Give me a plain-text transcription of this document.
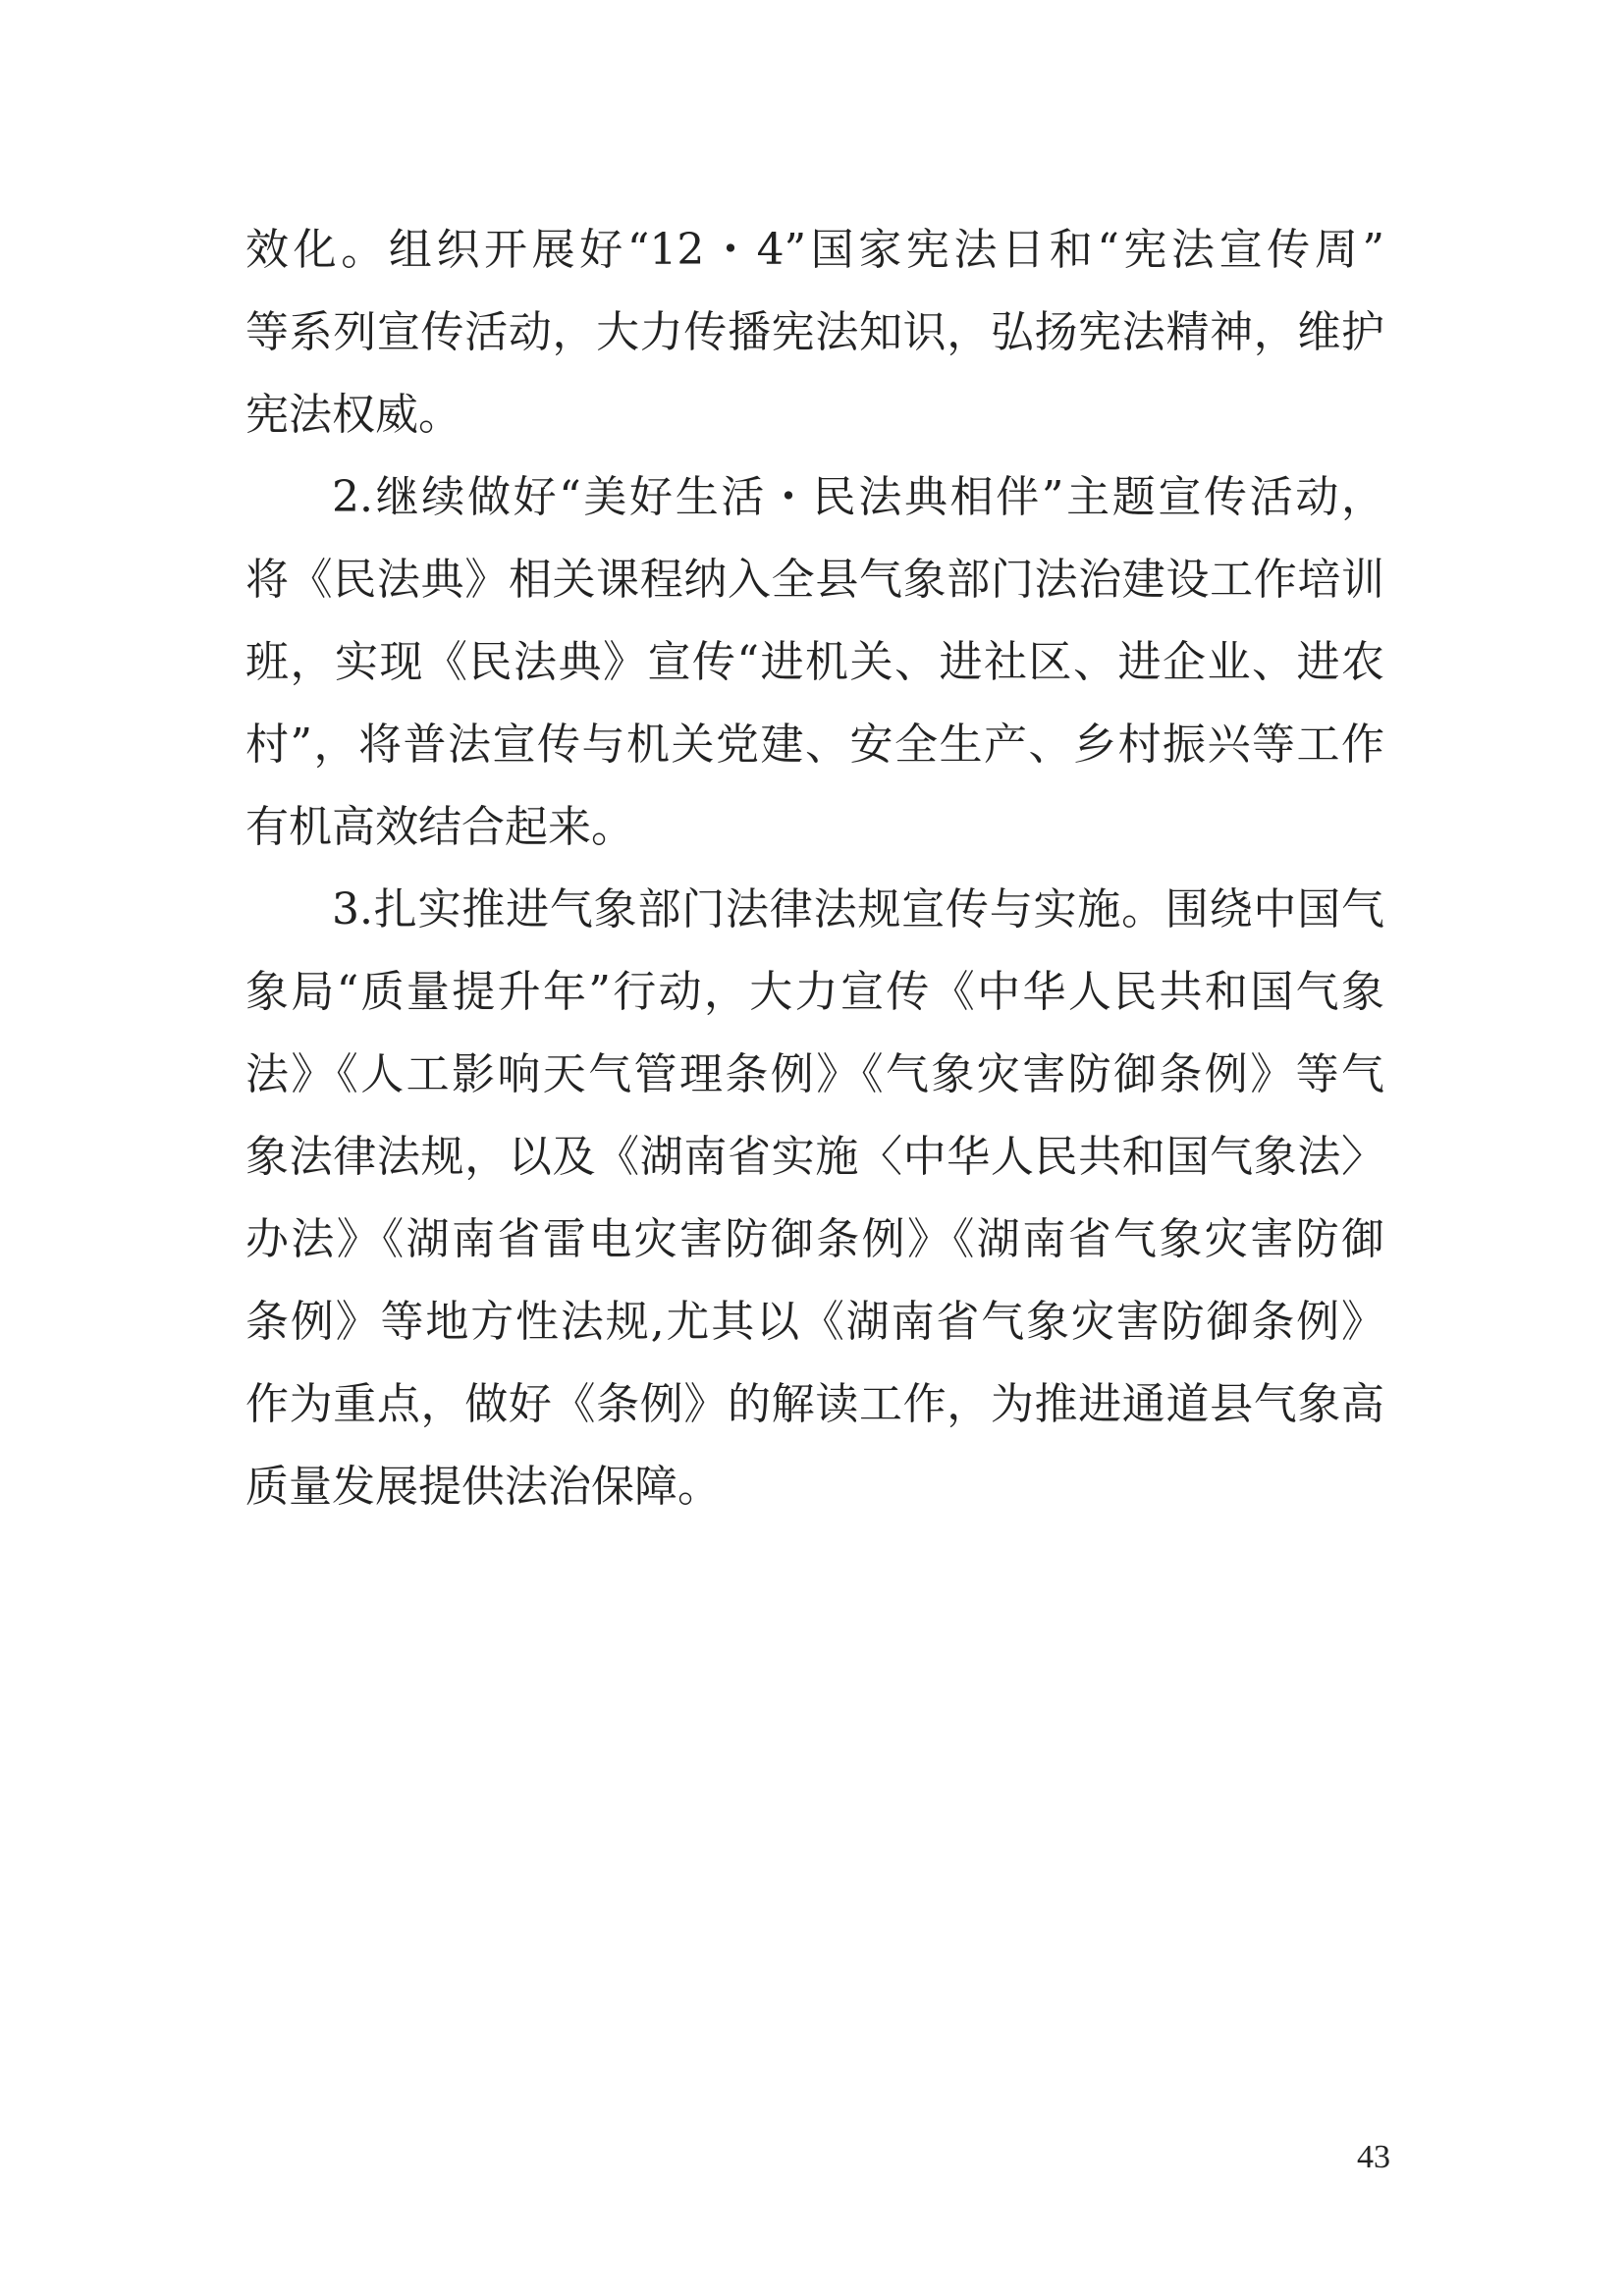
效化。组织开展好“12・4”国家宪法日和“宪法宣传周”
等系列宣传活动，大力传播宪法知识，弘扬宪法精神，维护
宪法权威。
2.继续做好“美好生活・民法典相伴”主题宣传活动，
将《民法典》相关课程纳入全县气象部门法治建设工作培训
班，实现《民法典》宣传“进机关、进社区、进企业、进农
村”，将普法宣传与机关党建、安全生产、乡村振兴等工作
有机高效结合起来。
3.扎实推进气象部门法律法规宣传与实施。围绕中国气
象局“质量提升年”行动，大力宣传《中华人民共和国气象
法》《人工影响天气管理条例》《气象灾害防御条例》等气
象法律法规，以及《湖南省实施〈中华人民共和国气象法〉
办法》《湖南省雷电灾害防御条例》《湖南省气象灾害防御
条例》等地方性法规,尤其以《湖南省气象灾害防御条例》
作为重点，做好《条例》的解读工作，为推进通道县气象高
质量发展提供法治保障。
43
